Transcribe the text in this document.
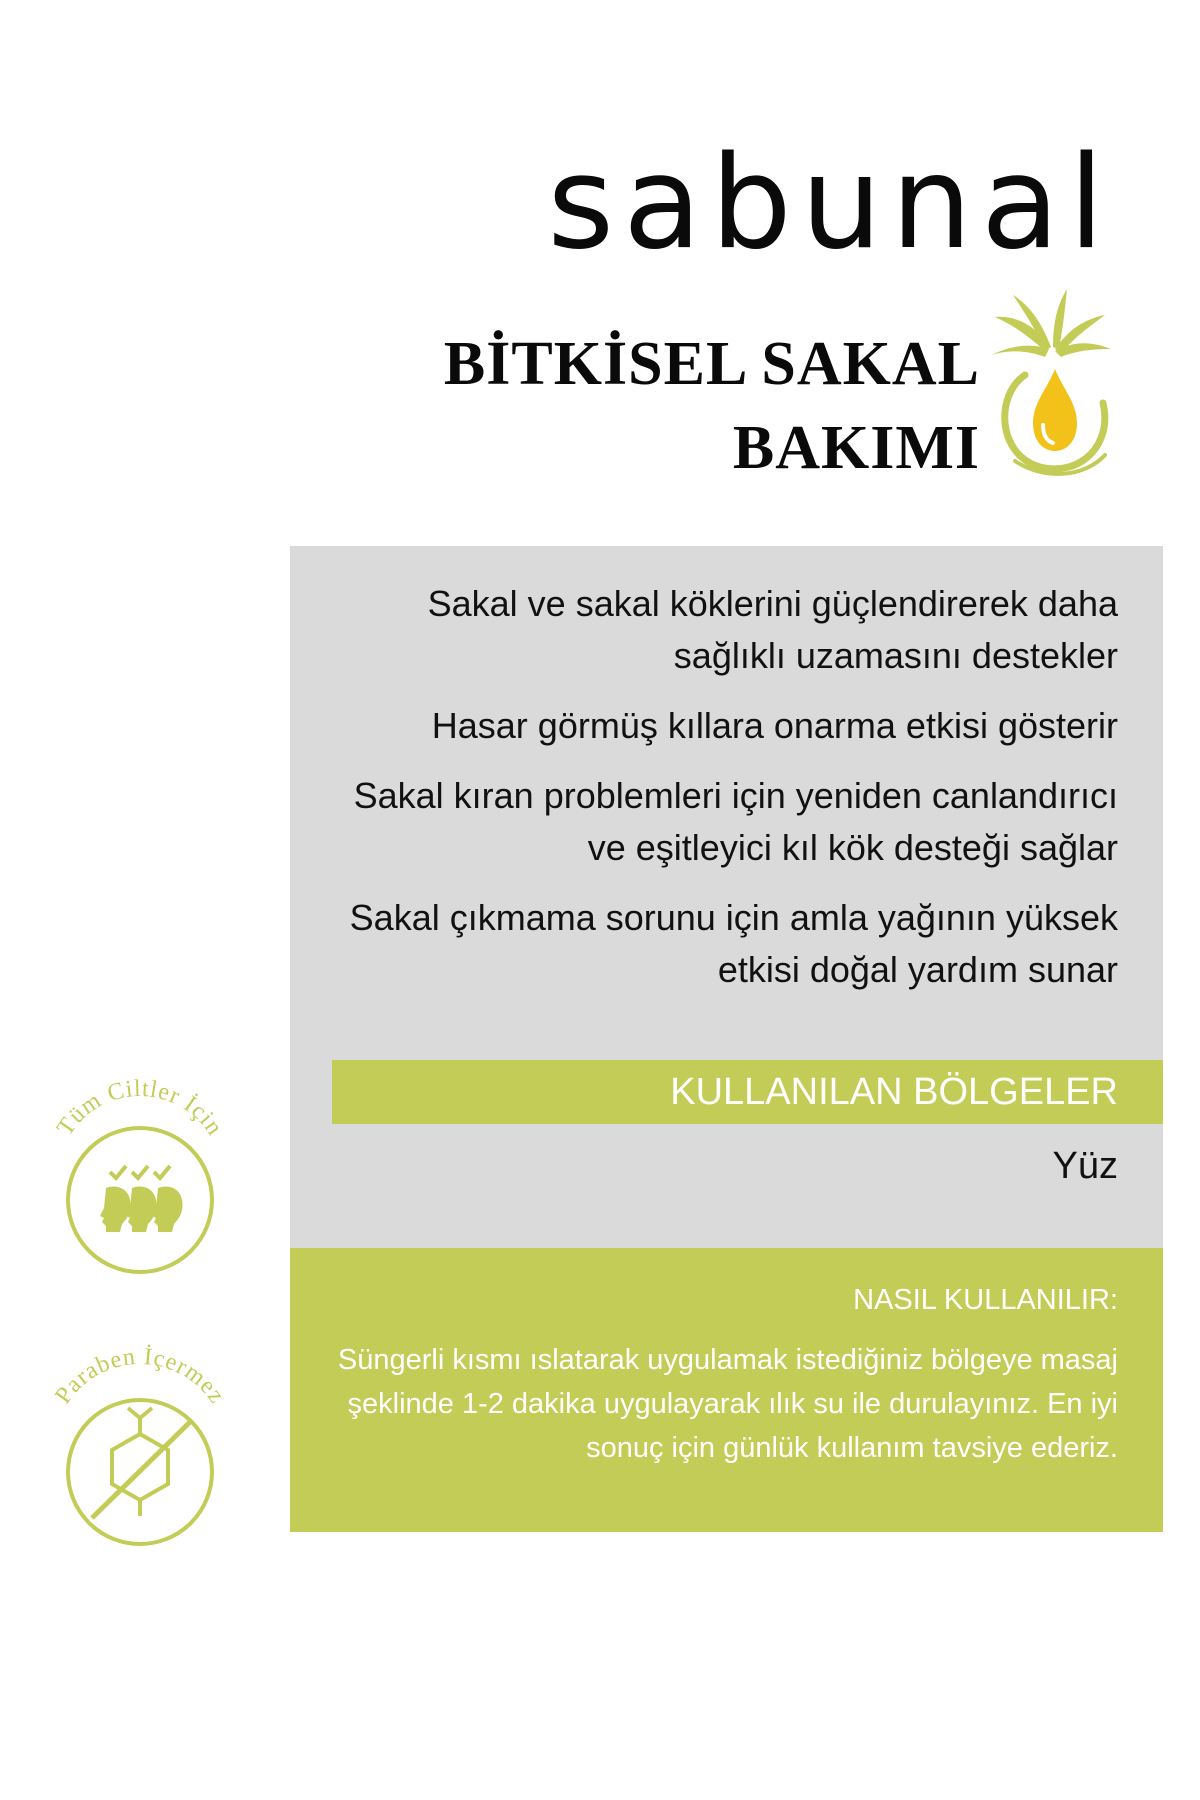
sabunal
BİTKİSEL SAKAL
BAKIMI
Sakal ve sakal köklerini güçlendirerek daha sağlıklı uzamasını destekler
Hasar görmüş kıllara onarma etkisi gösterir
Sakal kıran problemleri için yeniden canlandırıcı ve eşitleyici kıl kök desteği sağlar
Sakal çıkmama sorunu için amla yağının yüksek etkisi doğal yardım sunar
KULLANILAN BÖLGELER

Yüz

NASIL KULLANILIR:

Süngerli kısmı ıslatarak uygulamak istediğiniz bölgeye masaj şeklinde 1-2 dakika uygulayarak ılık su ile durulayınız. En iyi sonuç için günlük kullanım tavsiye ederiz.

Tüm Ciltler İçin
Paraben İçermez
